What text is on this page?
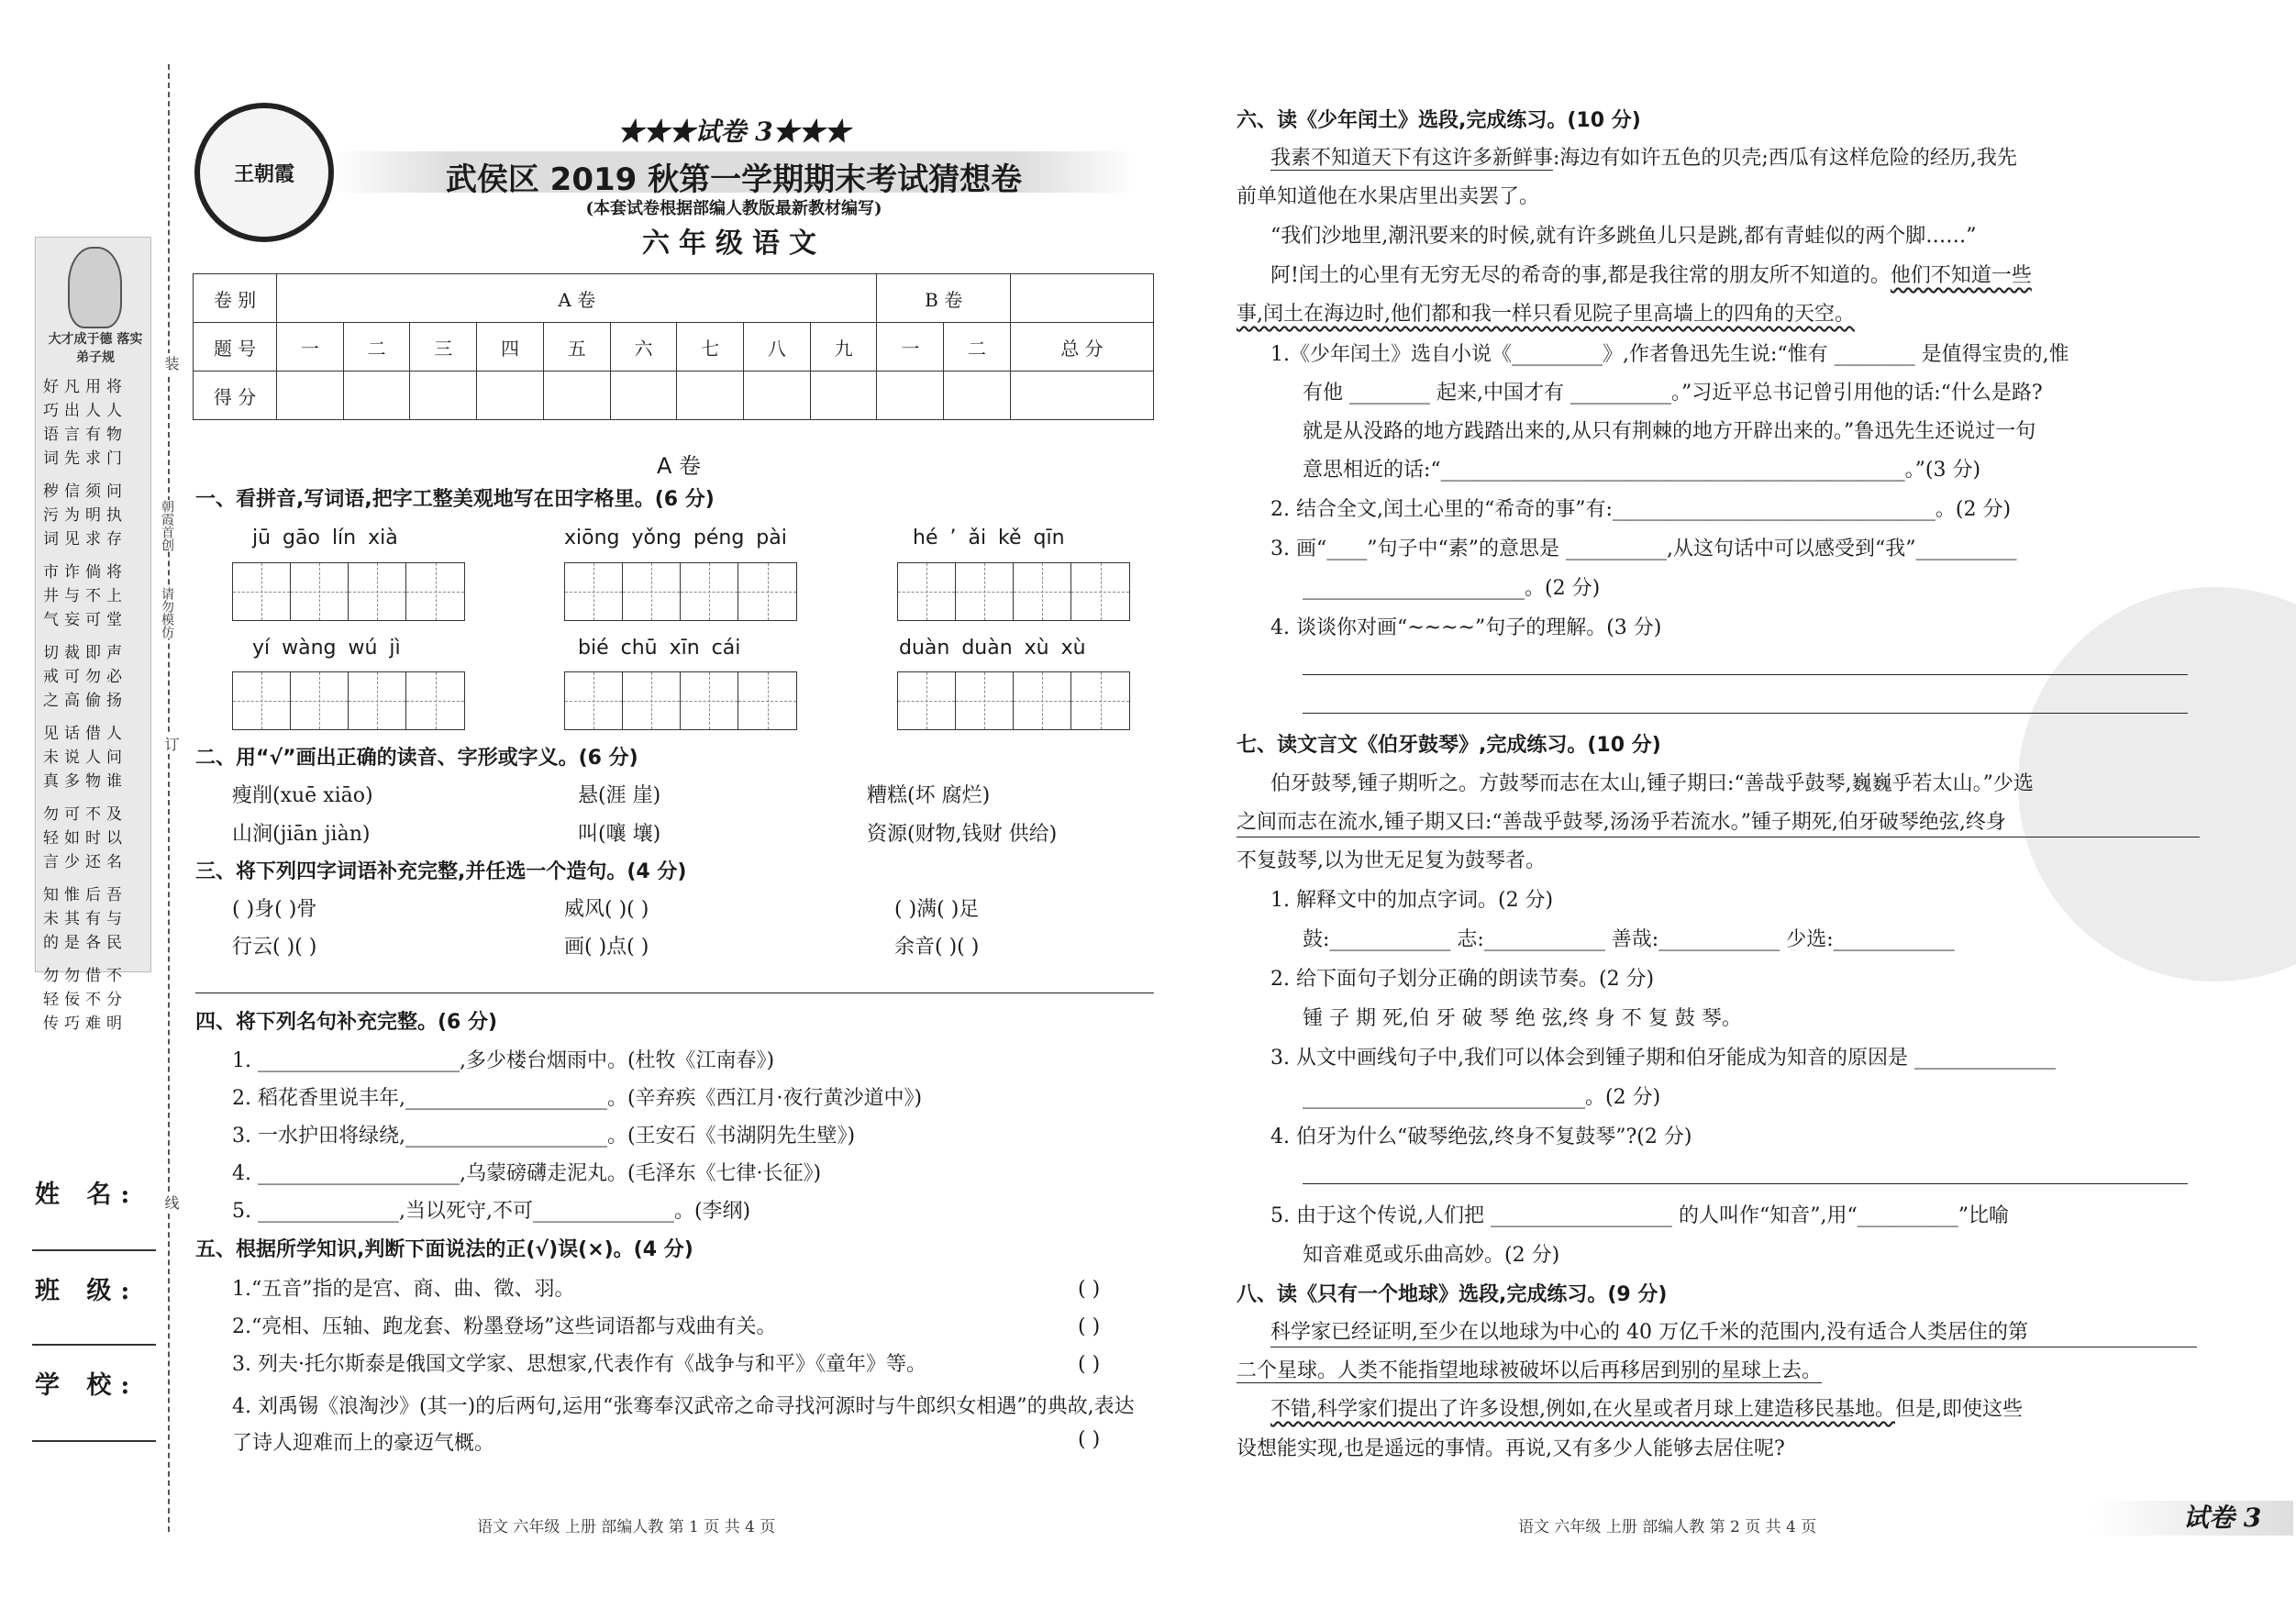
大才成于德 落实弟子规
好凡用将
巧出人人
语言有物
词先求门
秽信须问
污为明执
词见求存
市诈倘将
井与不上
气妄可堂
切裁即声
戒可勿必
之高偷扬
见话借人
未说人问
真多物谁
勿可不及
轻如时以
言少还名
知惟后吾
未其有与
的是各民
勿勿借不
轻佞不分
传巧难明
装
朝霞首创
请勿模仿
订
线
姓 名:
班 级:
学 校:
王朝霞
★★★试卷 3★★★
武侯区 2019 秋第一学期期末考试猜想卷
(本套试卷根据部编人教版最新教材编写)
六年级语文
卷 别	A 卷									B 卷		
题 号	一	二	三	四	五	六	七	八	九	一	二	总 分
得 分												
A 卷
一、看拼音,写词语,把字工整美观地写在田字格里。(6 分)
jū gāo lín xià	xiōng yǒng péng pài	hé ’ ǎi kě qīn
yí wàng wú jì	bié chū xīn cái	duàn duàn xù xù
二、用“√”画出正确的读音、字形或字义。(6 分)
瘦削(xuē xiāo)	悬(涯 崖)	糟糕(坏 腐烂)
山涧(jiān jiàn)	叫(嚷 壤)	资源(财物,钱财 供给)
三、将下列四字词语补充完整,并任选一个造句。(4 分)
( )身( )骨	威风( )( )	( )满( )足
行云( )( )	画( )点( )	余音( )( )
四、将下列名句补充完整。(6 分)
1. ____________________,多少楼台烟雨中。(杜牧《江南春》)
2. 稻花香里说丰年,____________________。(辛弃疾《西江月·夜行黄沙道中》)
3. 一水护田将绿绕,____________________。(王安石《书湖阴先生壁》)
4. ____________________,乌蒙磅礴走泥丸。(毛泽东《七律·长征》)
5. ______________,当以死守,不可______________。(李纲)
五、根据所学知识,判断下面说法的正(√)误(×)。(4 分)
1.“五音”指的是宫、商、曲、徵、羽。	( )
2.“亮相、压轴、跑龙套、粉墨登场”这些词语都与戏曲有关。	( )
3. 列夫·托尔斯泰是俄国文学家、思想家,代表作有《战争与和平》《童年》等。	( )
4. 刘禹锡《浪淘沙》(其一)的后两句,运用“张骞奉汉武帝之命寻找河源时与牛郎织女相遇”的典故,表达了诗人迎难而上的豪迈气概。	( )
语文 六年级 上册 部编人教 第 1 页 共 4 页
六、读《少年闰土》选段,完成练习。(10 分)
我素不知道天下有这许多新鲜事:海边有如许五色的贝壳;西瓜有这样危险的经历,我先
前单知道他在水果店里出卖罢了。
“我们沙地里,潮汛要来的时候,就有许多跳鱼儿只是跳,都有青蛙似的两个脚……”
阿!闰土的心里有无穷无尽的希奇的事,都是我往常的朋友所不知道的。他们不知道一些
事,闰土在海边时,他们都和我一样只看见院子里高墙上的四角的天空。
1.《少年闰土》选自小说《_________》,作者鲁迅先生说:“惟有 ________ 是值得宝贵的,惟
有他 ________ 起来,中国才有 __________。”习近平总书记曾引用他的话:“什么是路?
就是从没路的地方践踏出来的,从只有荆棘的地方开辟出来的。”鲁迅先生还说过一句
意思相近的话:“______________________________________________。”(3 分)
2. 结合全文,闰土心里的“希奇的事”有:________________________________。(2 分)
3. 画“____”句子中“素”的意思是 __________,从这句话中可以感受到“我”__________
______________________。(2 分)
4. 谈谈你对画“~~~~”句子的理解。(3 分)
七、读文言文《伯牙鼓琴》,完成练习。(10 分)
伯牙鼓琴,锺子期听之。方鼓琴而志在太山,锺子期曰:“善哉乎鼓琴,巍巍乎若太山。”少选
之间而志在流水,锺子期又曰:“善哉乎鼓琴,汤汤乎若流水。”锺子期死,伯牙破琴绝弦,终身
不复鼓琴,以为世无足复为鼓琴者。
1. 解释文中的加点字词。(2 分)
鼓:____________ 志:____________ 善哉:____________ 少选:____________
2. 给下面句子划分正确的朗读节奏。(2 分)
锺 子 期 死,伯 牙 破 琴 绝 弦,终 身 不 复 鼓 琴。
3. 从文中画线句子中,我们可以体会到锺子期和伯牙能成为知音的原因是 ______________
____________________________。(2 分)
4. 伯牙为什么“破琴绝弦,终身不复鼓琴”?(2 分)
5. 由于这个传说,人们把 __________________ 的人叫作“知音”,用“__________”比喻
知音难觅或乐曲高妙。(2 分)
八、读《只有一个地球》选段,完成练习。(9 分)
科学家已经证明,至少在以地球为中心的 40 万亿千米的范围内,没有适合人类居住的第
二个星球。人类不能指望地球被破坏以后再移居到别的星球上去。
不错,科学家们提出了许多设想,例如,在火星或者月球上建造移民基地。但是,即使这些
设想能实现,也是遥远的事情。再说,又有多少人能够去居住呢?
语文 六年级 上册 部编人教 第 2 页 共 4 页	试卷 3
